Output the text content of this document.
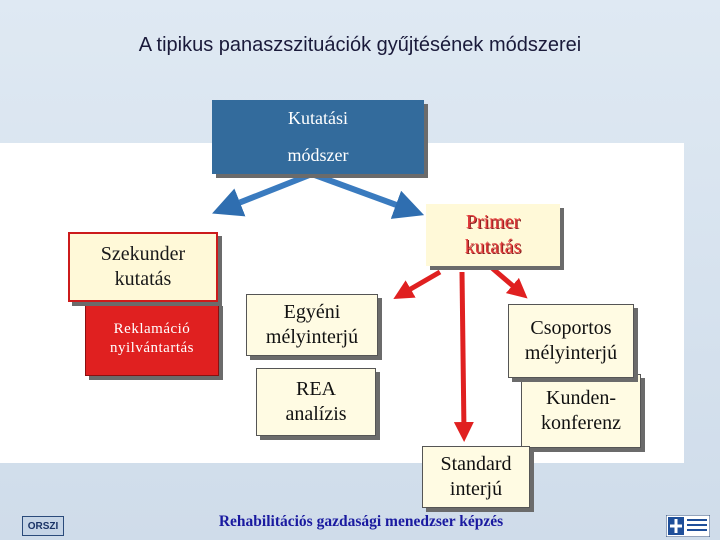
A tipikus panaszszituációk gyűjtésének módszerei
Kutatási
módszer
Primer
kutatás
Reklamáció
nyilvántartás
Szekunder
kutatás
Egyéni
mélyinterjú
REA
analízis
Kunden-
konferenz
Csoportos
mélyinterjú
Standard
interjú
ORSZI	Rehabilitációs gazdasági menedzser képzés
